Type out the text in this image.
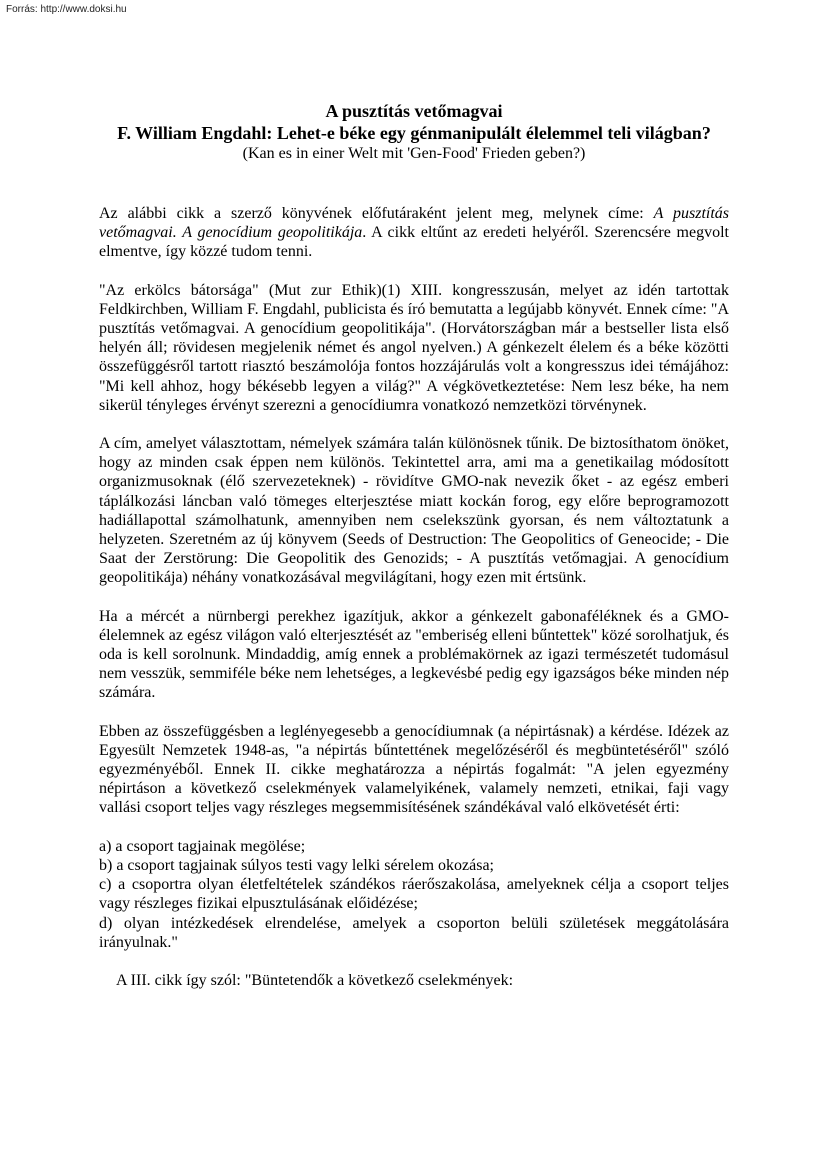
Forrás: http://www.doksi.hu

A pusztítás vetőmagvai

F. William Engdahl: Lehet-e béke egy génmanipulált élelemmel teli világban?

(Kan es in einer Welt mit 'Gen-Food' Frieden geben?)

Az alábbi cikk a szerző könyvének előfutáraként jelent meg, melynek címe: A pusztítás vetőmagvai. A genocídium geopolitikája. A cikk eltűnt az eredeti helyéről. Szerencsére megvolt elmentve, így közzé tudom tenni.

"Az erkölcs bátorsága" (Mut zur Ethik)(1) XIII. kongresszusán, melyet az idén tartottak Feldkirchben, William F. Engdahl, publicista és író bemutatta a legújabb könyvét. Ennek címe: "A pusztítás vetőmagvai. A genocídium geopolitikája". (Horvátországban már a bestseller lista első helyén áll; rövidesen megjelenik német és angol nyelven.) A génkezelt élelem és a béke közötti összefüggésről tartott riasztó beszámolója fontos hozzájárulás volt a kongresszus idei témájához: "Mi kell ahhoz, hogy békésebb legyen a világ?" A végkövetkeztetése: Nem lesz béke, ha nem sikerül tényleges érvényt szerezni a genocídiumra vonatkozó nemzetközi törvénynek.

A cím, amelyet választottam, némelyek számára talán különösnek tűnik. De biztosíthatom önöket, hogy az minden csak éppen nem különös. Tekintettel arra, ami ma a genetikailag módosított organizmusoknak (élő szervezeteknek) - rövidítve GMO-nak nevezik őket - az egész emberi táplálkozási láncban való tömeges elterjesztése miatt kockán forog, egy előre beprogramozott hadiállapottal számolhatunk, amennyiben nem cselekszünk gyorsan, és nem változtatunk a helyzeten. Szeretném az új könyvem (Seeds of Destruction: The Geopolitics of Geneocide; - Die Saat der Zerstörung: Die Geopolitik des Genozids; - A pusztítás vetőmagjai. A genocídium geopolitikája) néhány vonatkozásával megvilágítani, hogy ezen mit értsünk.

Ha a mércét a nürnbergi perekhez igazítjuk, akkor a génkezelt gabonaféléknek és a GMO-élelemnek az egész világon való elterjesztését az "emberiség elleni bűntettek" közé sorolhatjuk, és oda is kell sorolnunk. Mindaddig, amíg ennek a problémakörnek az igazi természetét tudomásul nem vesszük, semmiféle béke nem lehetséges, a legkevésbé pedig egy igazságos béke minden nép számára.

Ebben az összefüggésben a leglényegesebb a genocídiumnak (a népirtásnak) a kérdése. Idézek az Egyesült Nemzetek 1948-as, "a népirtás bűntettének megelőzéséről és megbüntetéséről" szóló egyezményéből. Ennek II. cikke meghatározza a népirtás fogalmát: "A jelen egyezmény népirtáson a következő cselekmények valamelyikének, valamely nemzeti, etnikai, faji vagy vallási csoport teljes vagy részleges megsemmisítésének szándékával való elkövetését érti:

a) a csoport tagjainak megölése;
b) a csoport tagjainak súlyos testi vagy lelki sérelem okozása;
c) a csoportra olyan életfeltételek szándékos ráerőszakolása, amelyeknek célja a csoport teljes vagy részleges fizikai elpusztulásának előidézése;
d) olyan intézkedések elrendelése, amelyek a csoporton belüli születések meggátolására irányulnak."

A III. cikk így szól: "Büntetendők a következő cselekmények:
